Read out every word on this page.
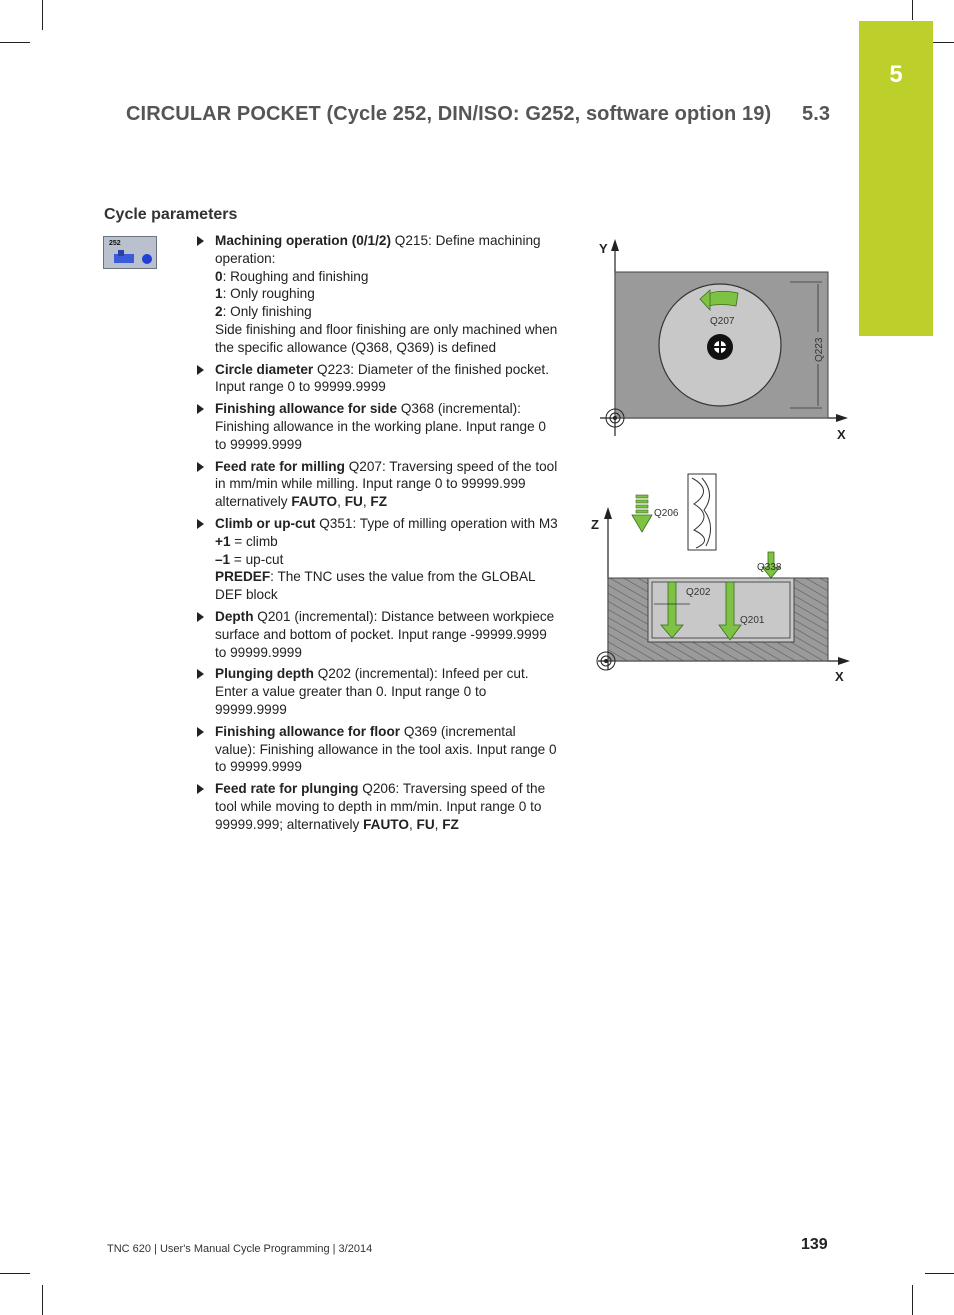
5
CIRCULAR POCKET (Cycle 252, DIN/ISO: G252, software option 19) 5.3
Cycle parameters
252	Machining operation (0/1/2) Q215: Define machining operation:
0: Roughing and finishing
1: Only roughing
2: Only finishing
Side finishing and floor finishing are only machined when the specific allowance (Q368, Q369) is defined
Circle diameter Q223: Diameter of the finished pocket. Input range 0 to 99999.9999
Finishing allowance for side Q368 (incremental): Finishing allowance in the working plane. Input range 0 to 99999.9999
Feed rate for milling Q207: Traversing speed of the tool in mm/min while milling. Input range 0 to 99999.999 alternatively FAUTO, FU, FZ
Climb or up-cut Q351: Type of milling operation with M3
+1 = climb
–1 = up-cut
PREDEF: The TNC uses the value from the GLOBAL DEF block
Depth Q201 (incremental): Distance between workpiece surface and bottom of pocket. Input range -99999.9999 to 99999.9999
Plunging depth Q202 (incremental): Infeed per cut. Enter a value greater than 0. Input range 0 to 99999.9999
Finishing allowance for floor Q369 (incremental value): Finishing allowance in the tool axis. Input range 0 to 99999.9999
Feed rate for plunging Q206: Traversing speed of the tool while moving to depth in mm/min. Input range 0 to 99999.999; alternatively FAUTO, FU, FZ
Y
X
Q207
Q223
Z
X
Q206
Q338
Q202
Q201
TNC 620 | User's Manual Cycle Programming | 3/2014	139
